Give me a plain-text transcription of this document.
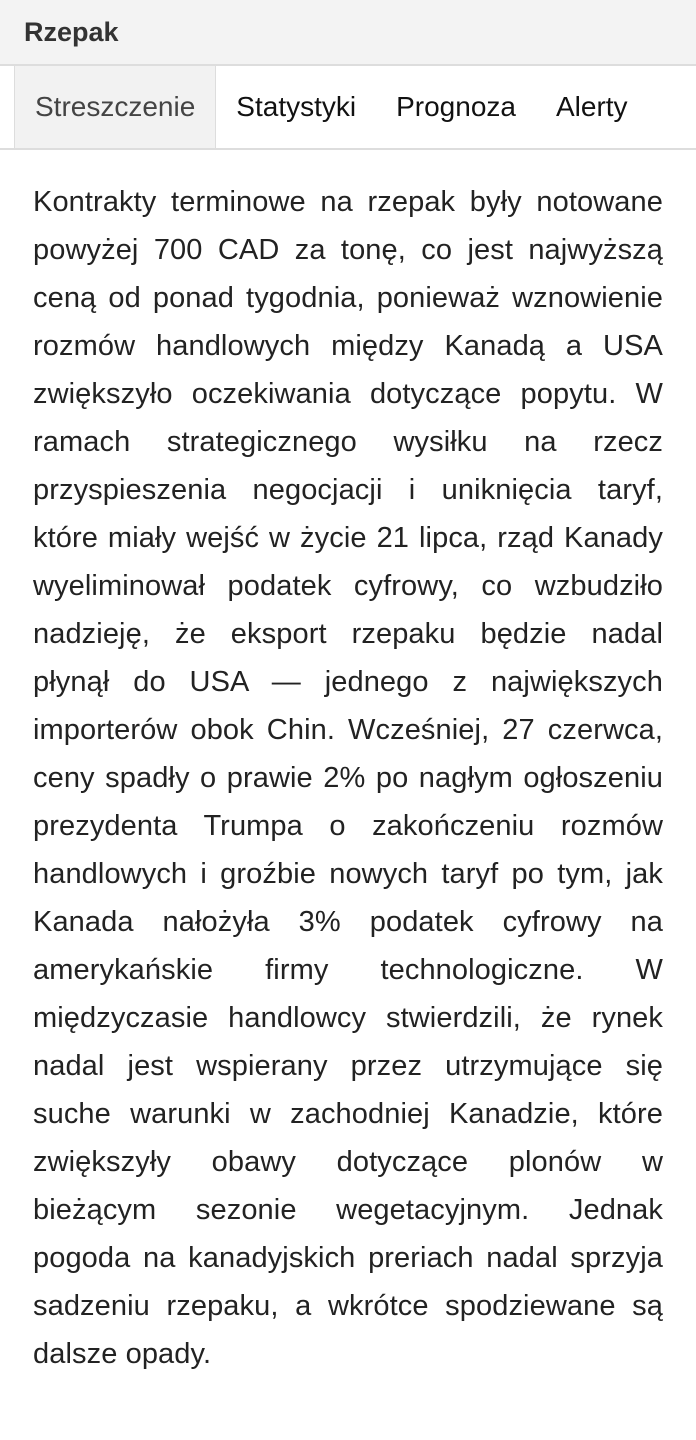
Rzepak
Streszczenie	Statystyki	Prognoza	Alerty

Kontrakty terminowe na rzepak były notowane powyżej 700 CAD za tonę, co jest najwyższą ceną od ponad tygodnia, ponieważ wznowienie rozmów handlowych między Kanadą a USA zwiększyło oczekiwania dotyczące popytu. W ramach strategicznego wysiłku na rzecz przyspieszenia negocjacji i uniknięcia taryf, które miały wejść w życie 21 lipca, rząd Kanady wyeliminował podatek cyfrowy, co wzbudziło nadzieję, że eksport rzepaku będzie nadal płynął do USA — jednego z największych importerów obok Chin. Wcześniej, 27 czerwca, ceny spadły o prawie 2% po nagłym ogłoszeniu prezydenta Trumpa o zakończeniu rozmów handlowych i groźbie nowych taryf po tym, jak Kanada nałożyła 3% podatek cyfrowy na amerykańskie firmy technologiczne. W międzyczasie handlowcy stwierdzili, że rynek nadal jest wspierany przez utrzymujące się suche warunki w zachodniej Kanadzie, które zwiększyły obawy dotyczące plonów w bieżącym sezonie wegetacyjnym. Jednak pogoda na kanadyjskich preriach nadal sprzyja sadzeniu rzepaku, a wkrótce spodziewane są dalsze opady.
